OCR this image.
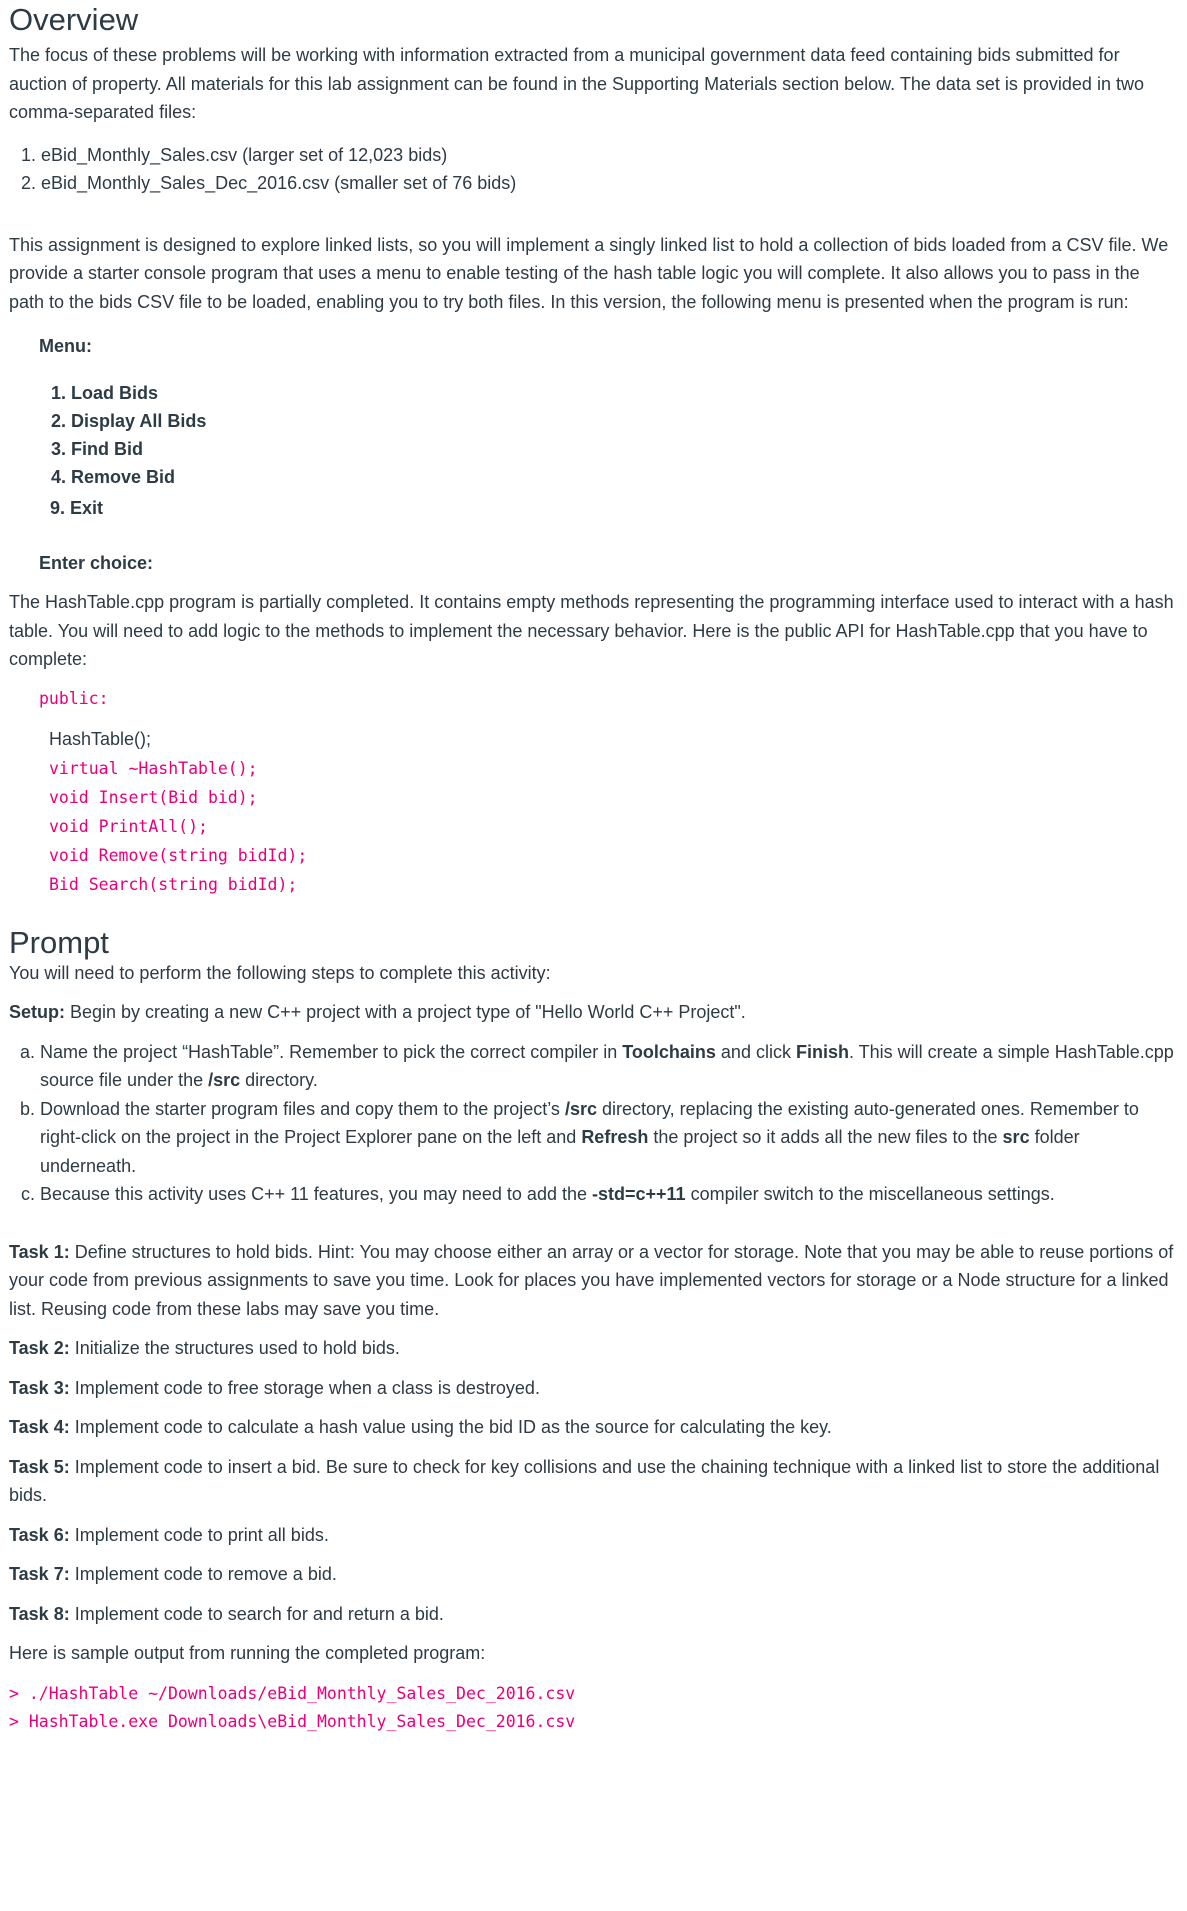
Overview

The focus of these problems will be working with information extracted from a municipal government data feed containing bids submitted for auction of property. All materials for this lab assignment can be found in the Supporting Materials section below. The data set is provided in two comma-separated files:

1. eBid_Monthly_Sales.csv (larger set of 12,023 bids)
2. eBid_Monthly_Sales_Dec_2016.csv (smaller set of 76 bids)

This assignment is designed to explore linked lists, so you will implement a singly linked list to hold a collection of bids loaded from a CSV file. We provide a starter console program that uses a menu to enable testing of the hash table logic you will complete. It also allows you to pass in the path to the bids CSV file to be loaded, enabling you to try both files. In this version, the following menu is presented when the program is run:

Menu:
1. Load Bids
2. Display All Bids
3. Find Bid
4. Remove Bid
9. Exit
Enter choice:

The HashTable.cpp program is partially completed. It contains empty methods representing the programming interface used to interact with a hash table. You will need to add logic to the methods to implement the necessary behavior. Here is the public API for HashTable.cpp that you have to complete:

public:
HashTable();
virtual ~HashTable();
void Insert(Bid bid);
void PrintAll();
void Remove(string bidId);
Bid Search(string bidId);
Prompt

You will need to perform the following steps to complete this activity:

Setup: Begin by creating a new C++ project with a project type of "Hello World C++ Project".

a. Name the project “HashTable”. Remember to pick the correct compiler in Toolchains and click Finish. This will create a simple HashTable.cpp source file under the /src directory.
b. Download the starter program files and copy them to the project’s /src directory, replacing the existing auto-generated ones. Remember to right-click on the project in the Project Explorer pane on the left and Refresh the project so it adds all the new files to the src folder underneath.
c. Because this activity uses C++ 11 features, you may need to add the -std=c++11 compiler switch to the miscellaneous settings.

Task 1: Define structures to hold bids. Hint: You may choose either an array or a vector for storage. Note that you may be able to reuse portions of your code from previous assignments to save you time. Look for places you have implemented vectors for storage or a Node structure for a linked list. Reusing code from these labs may save you time.

Task 2: Initialize the structures used to hold bids.

Task 3: Implement code to free storage when a class is destroyed.

Task 4: Implement code to calculate a hash value using the bid ID as the source for calculating the key.

Task 5: Implement code to insert a bid. Be sure to check for key collisions and use the chaining technique with a linked list to store the additional bids.

Task 6: Implement code to print all bids.

Task 7: Implement code to remove a bid.

Task 8: Implement code to search for and return a bid.

Here is sample output from running the completed program:

> ./HashTable ~/Downloads/eBid_Monthly_Sales_Dec_2016.csv
> HashTable.exe Downloads\eBid_Monthly_Sales_Dec_2016.csv
